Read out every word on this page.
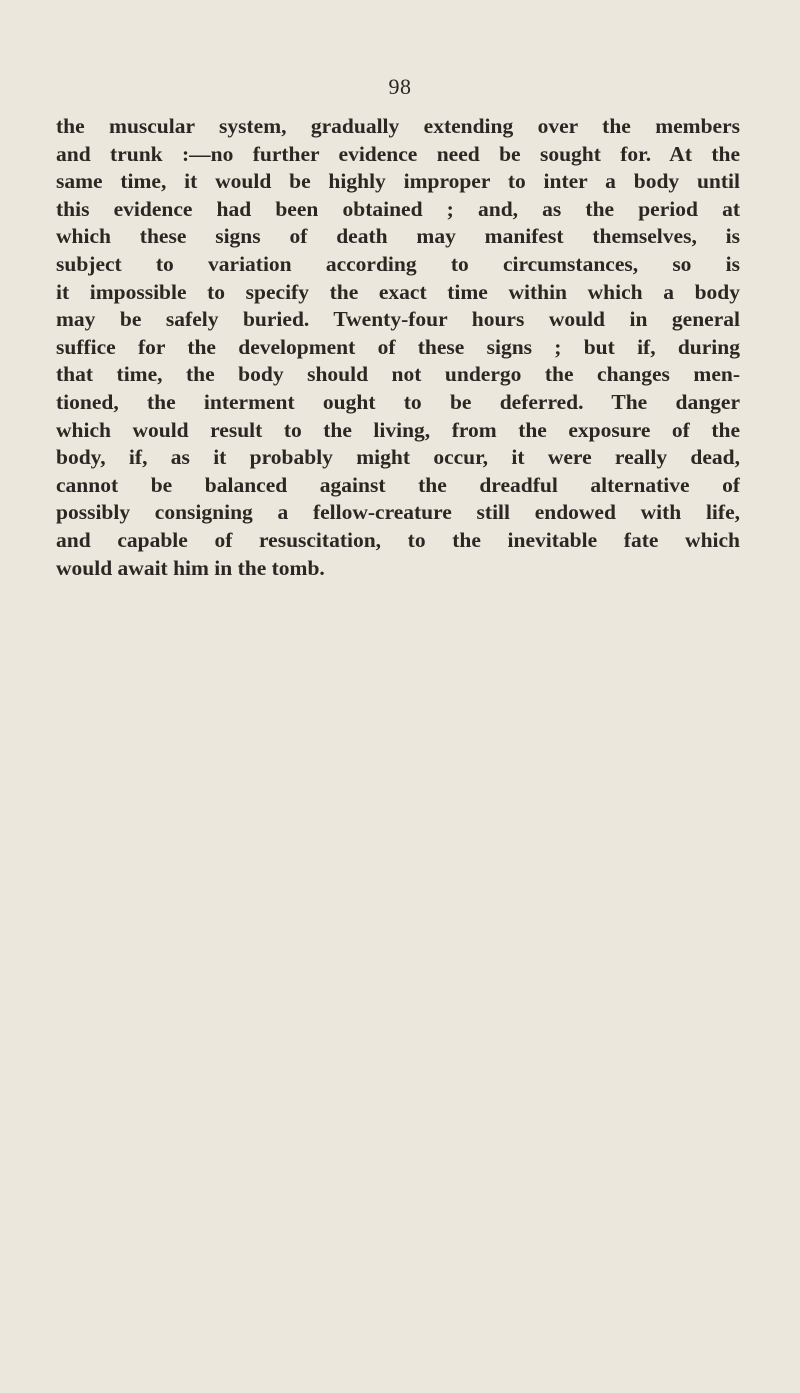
98
the muscular system, gradually extending over the members
and trunk :—no further evidence need be sought for. At the
same time, it would be highly improper to inter a body until
this evidence had been obtained ; and, as the period at
which these signs of death may manifest themselves, is
subject to variation according to circumstances, so is
it impossible to specify the exact time within which a body
may be safely buried. Twenty-four hours would in general
suffice for the development of these signs ; but if, during
that time, the body should not undergo the changes men-
tioned, the interment ought to be deferred. The danger
which would result to the living, from the exposure of the
body, if, as it probably might occur, it were really dead,
cannot be balanced against the dreadful alternative of
possibly consigning a fellow-creature still endowed with life,
and capable of resuscitation, to the inevitable fate which
would await him in the tomb.
